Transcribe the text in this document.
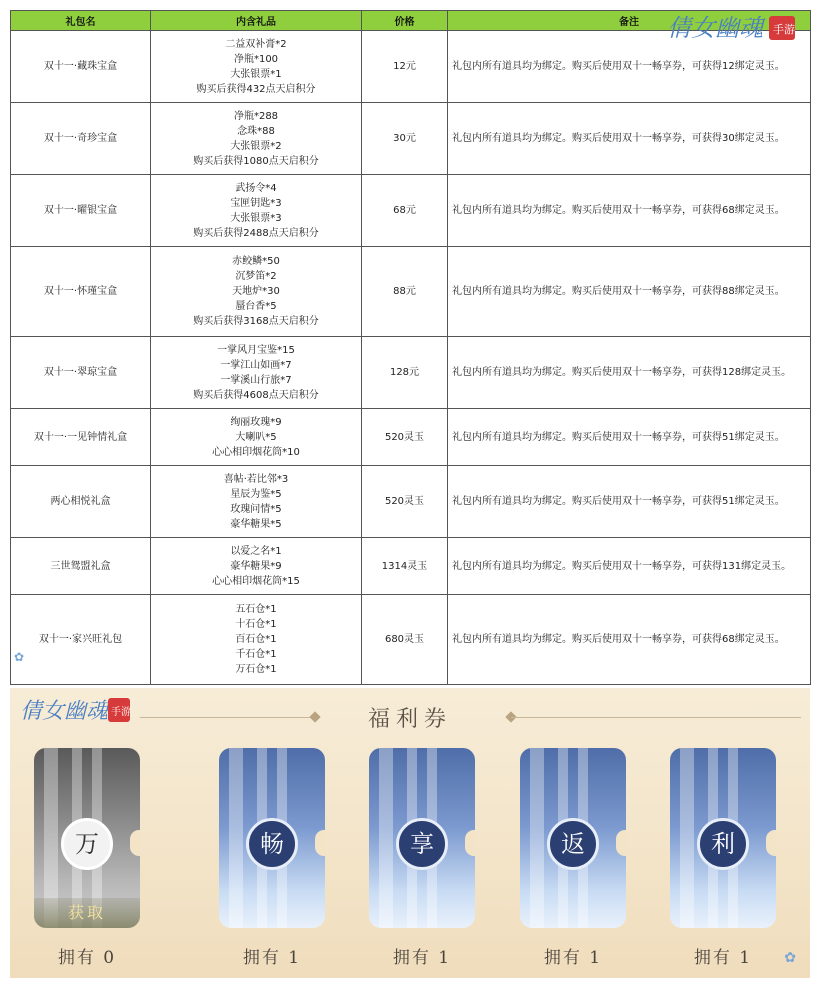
礼包名	内含礼品	价格	备注
双十一·藏珠宝盒	二益双补膏*2
净瓶*100
大张银票*1
购买后获得432点天启积分	12元	礼包内所有道具均为绑定。购买后使用双十一畅享券，可获得12绑定灵玉。
双十一·奇珍宝盒	净瓶*288
念珠*88
大张银票*2
购买后获得1080点天启积分	30元	礼包内所有道具均为绑定。购买后使用双十一畅享券，可获得30绑定灵玉。
双十一·曜银宝盒	武扬令*4
宝匣钥匙*3
大张银票*3
购买后获得2488点天启积分	68元	礼包内所有道具均为绑定。购买后使用双十一畅享券，可获得68绑定灵玉。
双十一·怀瑾宝盒	赤鲛鳞*50
沉梦笛*2
天地炉*30
蜃台香*5
购买后获得3168点天启积分	88元	礼包内所有道具均为绑定。购买后使用双十一畅享券，可获得88绑定灵玉。
双十一·翠琼宝盒	一掌风月宝鉴*15
一掌江山如画*7
一掌溪山行旅*7
购买后获得4608点天启积分	128元	礼包内所有道具均为绑定。购买后使用双十一畅享券，可获得128绑定灵玉。
双十一·一见钟情礼盒	绚丽玫瑰*9
大喇叭*5
心心相印烟花筒*10	520灵玉	礼包内所有道具均为绑定。购买后使用双十一畅享券，可获得51绑定灵玉。
两心相悦礼盒	喜帖·若比邻*3
星辰为鉴*5
玫瑰问情*5
豪华糖果*5	520灵玉	礼包内所有道具均为绑定。购买后使用双十一畅享券，可获得51绑定灵玉。
三世鸳盟礼盒	以爱之名*1
豪华糖果*9
心心相印烟花筒*15	1314灵玉	礼包内所有道具均为绑定。购买后使用双十一畅享券，可获得131绑定灵玉。
双十一·家兴旺礼包	五石仓*1
十石仓*1
百石仓*1
千石仓*1
万石仓*1	680灵玉	礼包内所有道具均为绑定。购买后使用双十一畅享券，可获得68绑定灵玉。
倩女幽魂 手游
✿
倩女幽魂 手游	福利券
万
获取
拥有 0
畅
拥有 1
享
拥有 1
返
拥有 1
利
拥有 1	✿
